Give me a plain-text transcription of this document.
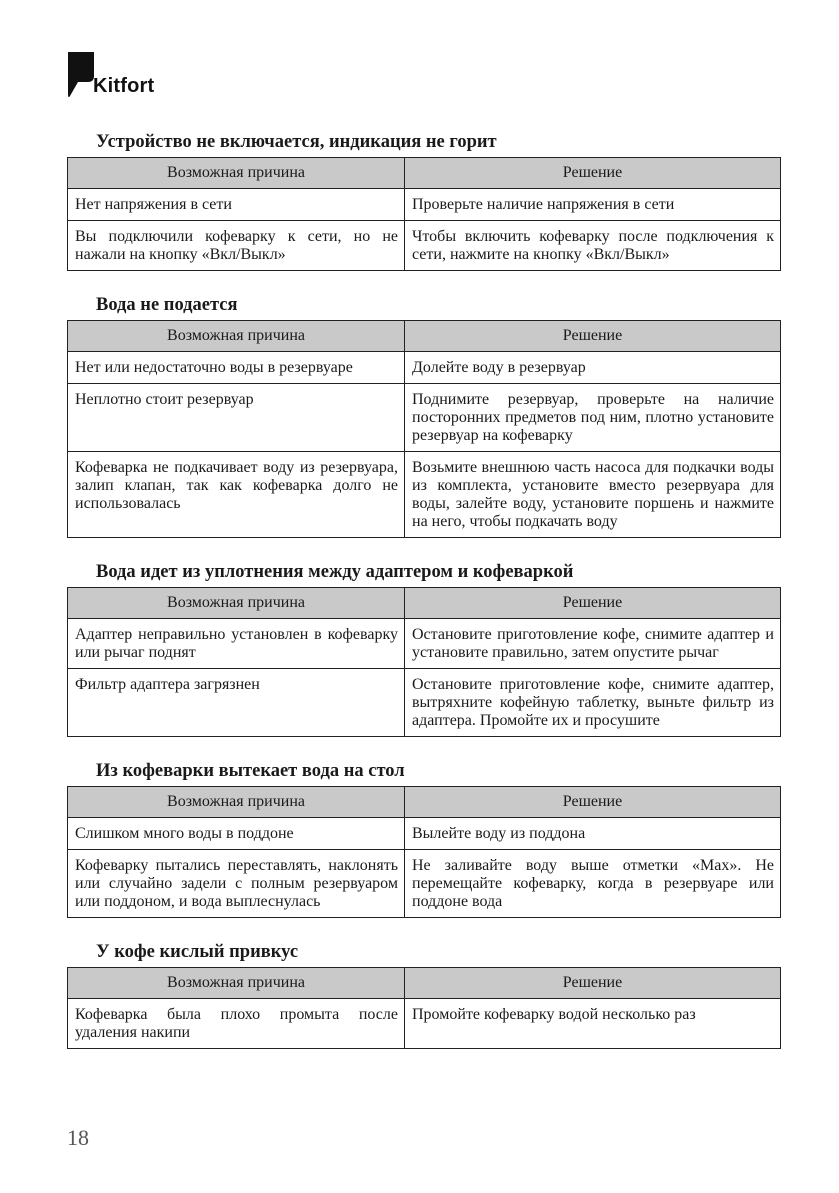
Kitfort
Устройство не включается, индикация не горит
Возможная причина	Решение
Нет напряжения в сети	Проверьте наличие напряжения в сети
Вы подключили кофеварку к сети, но не нажали на кнопку «Вкл/Выкл»	Чтобы включить кофеварку после подключения к сети, нажмите на кнопку «Вкл/Выкл»
Вода не подается
Возможная причина	Решение
Нет или недостаточно воды в резервуаре	Долейте воду в резервуар
Неплотно стоит резервуар	Поднимите резервуар, проверьте на наличие посторонних предметов под ним, плотно установите резервуар на кофеварку
Кофеварка не подкачивает воду из резервуара, залип клапан, так как кофеварка долго не использовалась	Возьмите внешнюю часть насоса для подкачки воды из комплекта, установите вместо резервуара для воды, залейте воду, установите поршень и нажмите на него, чтобы подкачать воду
Вода идет из уплотнения между адаптером и кофеваркой
Возможная причина	Решение
Адаптер неправильно установлен в кофеварку или рычаг поднят	Остановите приготовление кофе, снимите адаптер и установите правильно, затем опустите рычаг
Фильтр адаптера загрязнен	Остановите приготовление кофе, снимите адаптер, вытряхните кофейную таблетку, выньте фильтр из адаптера. Промойте их и просушите
Из кофеварки вытекает вода на стол
Возможная причина	Решение
Слишком много воды в поддоне	Вылейте воду из поддона
Кофеварку пытались переставлять, наклонять или случайно задели с полным резервуаром или поддоном, и вода выплеснулась	Не заливайте воду выше отметки «Max». Не перемещайте кофеварку, когда в резервуаре или поддоне вода
У кофе кислый привкус
Возможная причина	Решение
Кофеварка была плохо промыта после удаления накипи	Промойте кофеварку водой несколько раз
18
